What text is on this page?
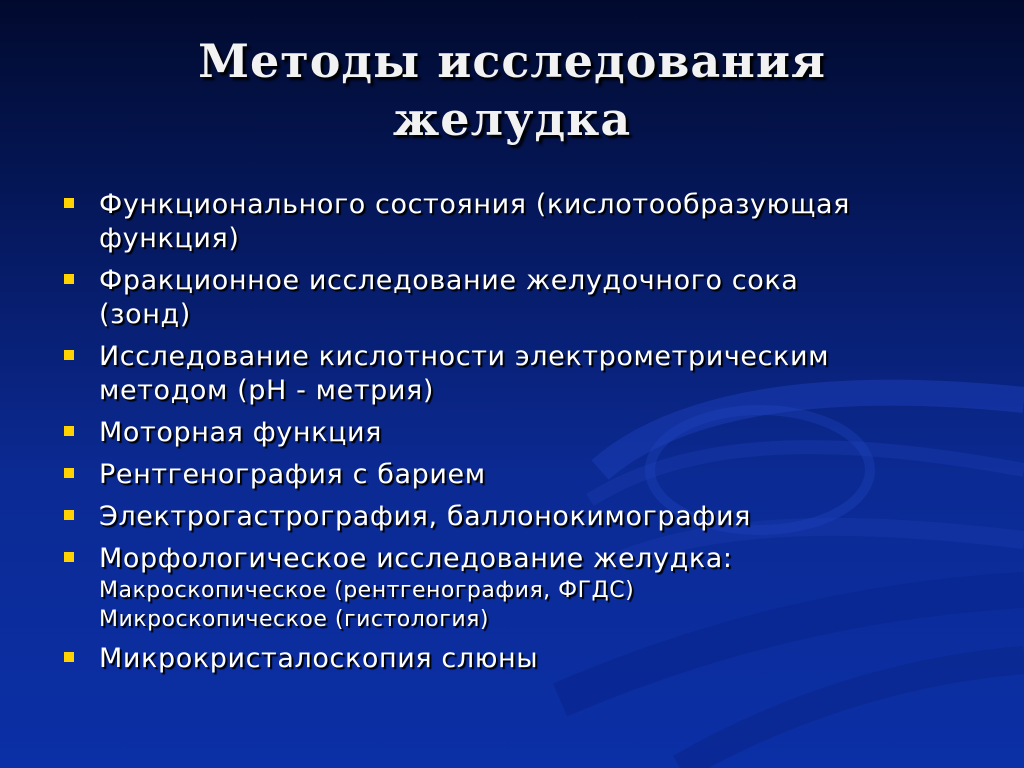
Методы исследования
желудка
Функционального состояния (кислотообразующая
функция)
Фракционное исследование желудочного сока
(зонд)
Исследование кислотности электрометрическим
методом (pH - метрия)
Моторная функция
Рентгенография с барием
Электрогастрография, баллонокимография
Морфологическое исследование желудка:
Макроскопическое (рентгенография, ФГДС)
Микроскопическое (гистология)
Микрокристалоскопия слюны
